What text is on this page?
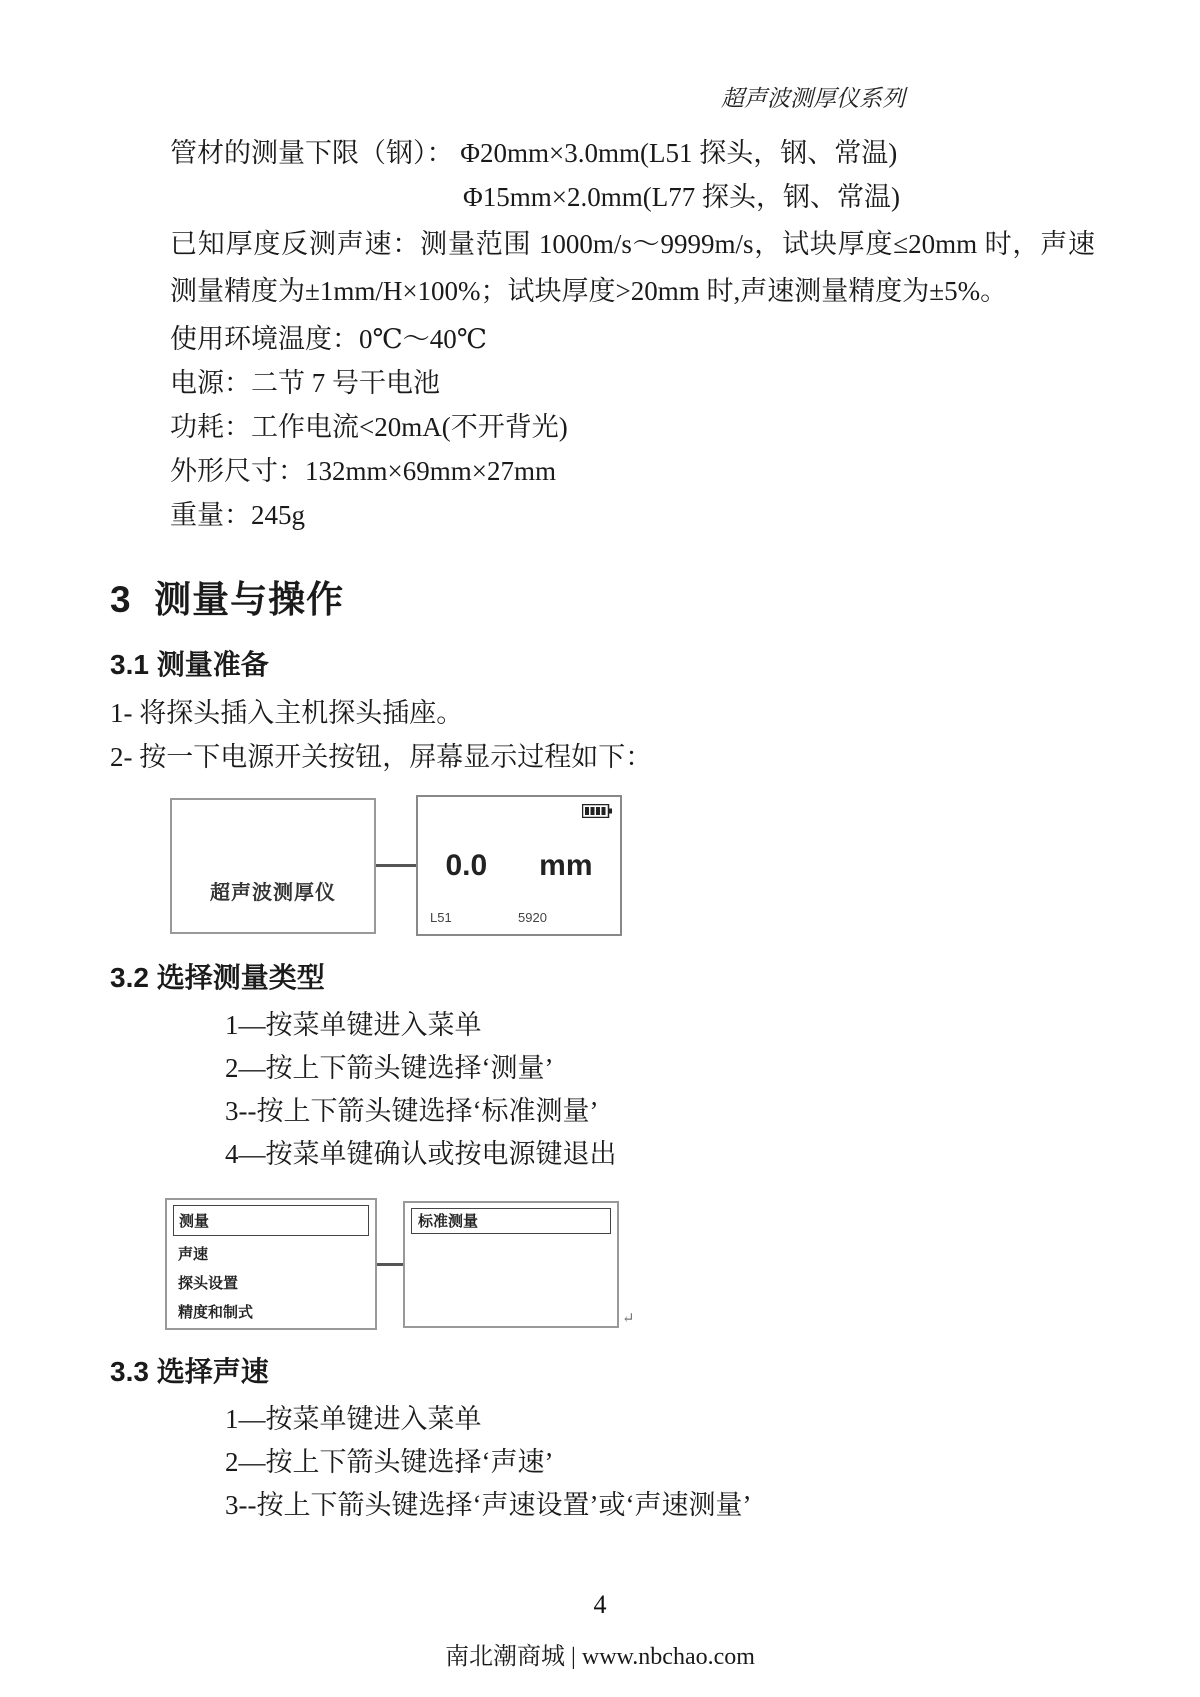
超声波测厚仪系列
管材的测量下限（钢）： Φ20mm×3.0mm(L51 探头，钢、常温)
Φ15mm×2.0mm(L77 探头，钢、常温)
已知厚度反测声速：测量范围 1000m/s～9999m/s，试块厚度≤20mm 时，声速测量精度为±1mm/H×100%；试块厚度>20mm 时,声速测量精度为±5%。
使用环境温度：0℃～40℃
电源：二节 7 号干电池
功耗：工作电流<20mA(不开背光)
外形尺寸：132mm×69mm×27mm
重量：245g
3  测量与操作
3.1 测量准备
1- 将探头插入主机探头插座。
2- 按一下电源开关按钮，屏幕显示过程如下：
超声波测厚仪
0.0 mm
L51	5920
3.2 选择测量类型
1—按菜单键进入菜单
2—按上下箭头键选择‘测量’
3--按上下箭头键选择‘标准测量’
4—按菜单键确认或按电源键退出
测量
声速
探头设置
精度和制式
标准测量
↵
3.3 选择声速
1—按菜单键进入菜单
2—按上下箭头键选择‘声速’
3--按上下箭头键选择‘声速设置’或‘声速测量’
4
南北潮商城 | www.nbchao.com
